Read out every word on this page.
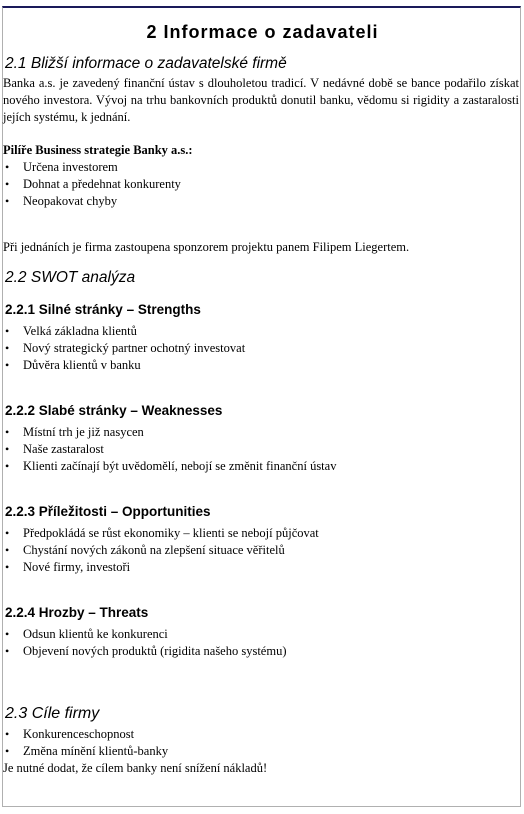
2 Informace o zadavateli
2.1 Bližší informace o zadavatelské firmě

Banka a.s. je zavedený finanční ústav s dlouholetou tradicí. V nedávné době se bance podařilo získat nového investora. Vývoj na trhu bankovních produktů donutil banku, vědomu si rigidity a zastaralosti jejích systému, k jednání.

Pilíře Business strategie Banky a.s.:

• Určena investorem
• Dohnat a předehnat konkurenty
• Neopakovat chyby

Při jednáních je firma zastoupena sponzorem projektu panem Filipem Liegertem.

2.2 SWOT analýza
2.2.1 Silné stránky – Strengths
• Velká základna klientů
• Nový strategický partner ochotný investovat
• Důvěra klientů v banku
2.2.2 Slabé stránky – Weaknesses
• Místní trh je již nasycen
• Naše zastaralost
• Klienti začínají být uvědomělí, nebojí se změnit finanční ústav
2.2.3 Příležitosti – Opportunities
• Předpokládá se růst ekonomiky – klienti se nebojí půjčovat
• Chystání nových zákonů na zlepšení situace věřitelů
• Nové firmy, investoři
2.2.4 Hrozby – Threats
• Odsun klientů ke konkurenci
• Objevení nových produktů (rigidita našeho systému)
2.3 Cíle firmy
• Konkurenceschopnost
• Změna mínění klientů-banky

Je nutné dodat, že cílem banky není snížení nákladů!
